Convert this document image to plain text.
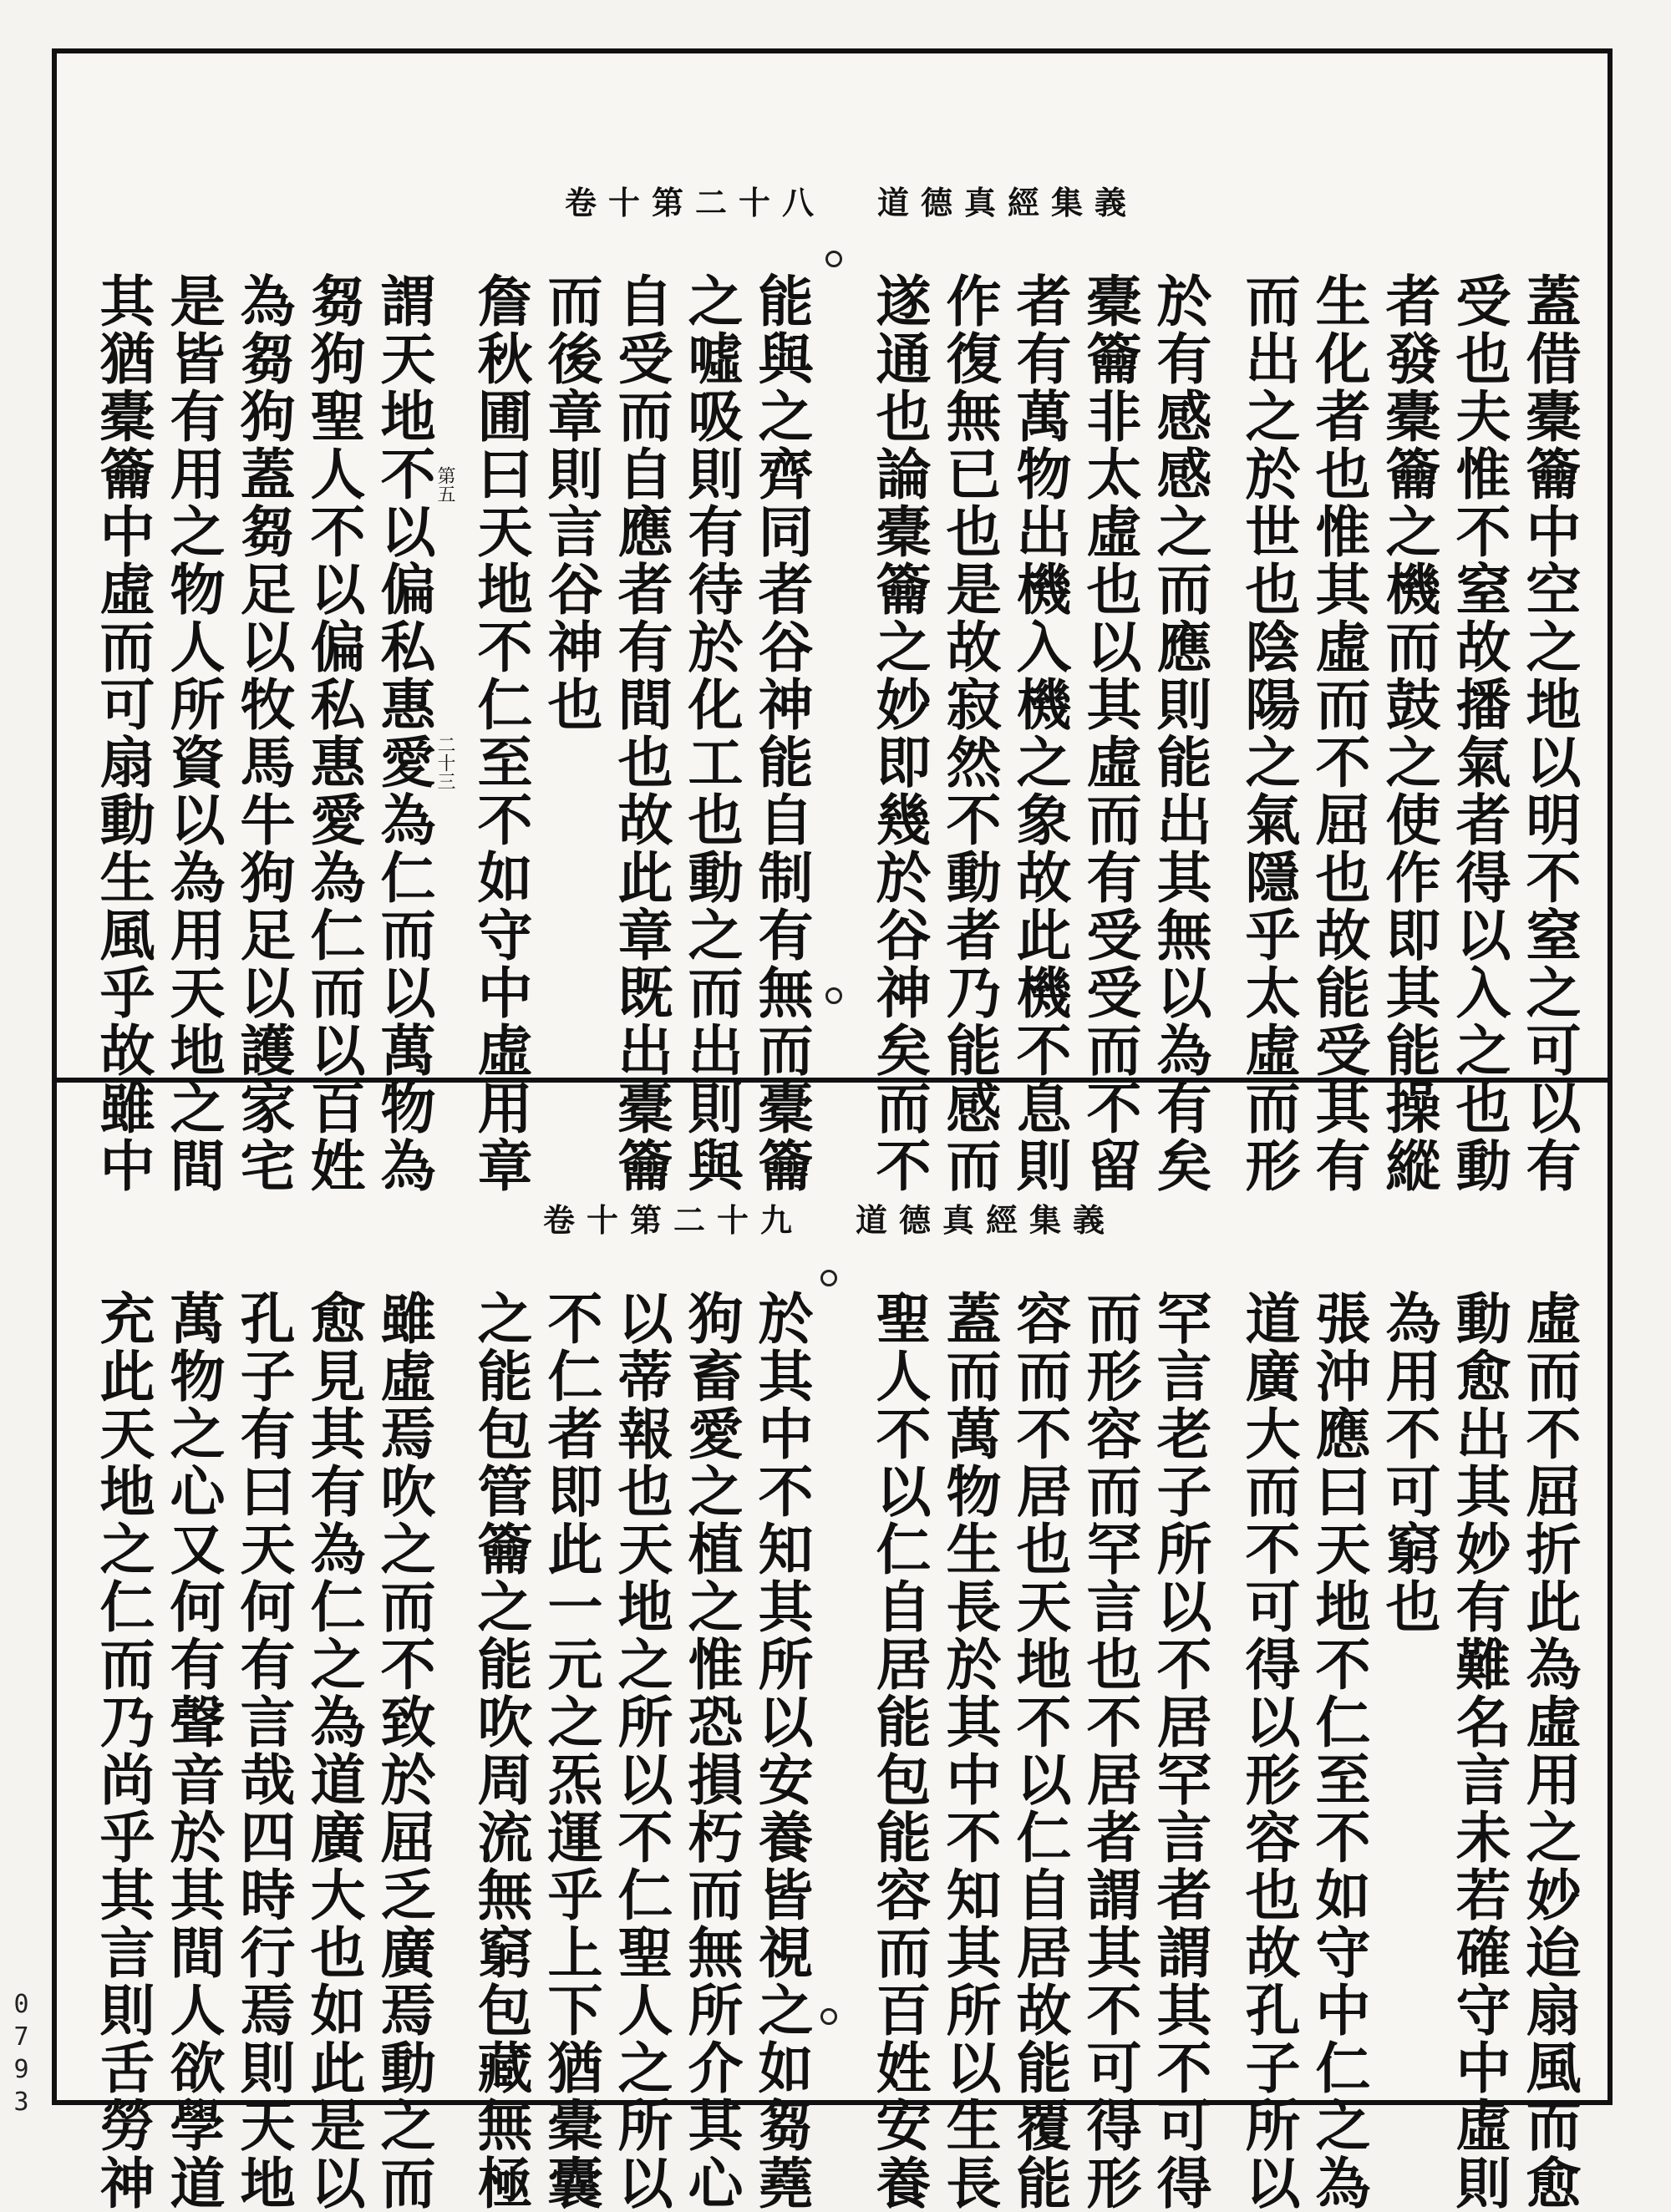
卷十第二十八 道德真經集義
卷十第二十九 道德真經集義
蓋借橐籥中空之地以明不窒之可以有
受也夫惟不窒故播氣者得以入之也動
者發橐籥之機而鼓之使作即其能操縱
生化者也惟其虛而不屈也故能受其有
而出之於世也陰陽之氣隱乎太虛而形
於有感感之而應則能出其無以為有矣
橐籥非太虛也以其虛而有受受而不留
者有萬物出機入機之象故此機不息則
作復無已也是故寂然不動者乃能感而
遂通也論橐籥之妙即幾於谷神矣而不
能與之齊同者谷神能自制有無而橐籥
之噓吸則有待於化工也動之而出則與
自受而自應者有間也故此章既出橐籥
而後章則言谷神也
詹秋圃曰天地不仁至不如守中虛用章
第五
二十三
謂天地不以偏私惠愛為仁而以萬物為
芻狗聖人不以偏私惠愛為仁而以百姓
為芻狗蓋芻足以牧馬牛狗足以護家宅
是皆有用之物人所資以為用天地之間
其猶橐籥中虛而可扇動生風乎故雖中
虛而不屈折此為虛用之妙迨扇風而愈
動愈出其妙有難名言未若確守中虛則
為用不可窮也
張沖應曰天地不仁至不如守中仁之為
道廣大而不可得以形容也故孔子所以
罕言老子所以不居罕言者謂其不可得
而形容而罕言也不居者謂其不可得形
容而不居也天地不以仁自居故能覆能
蓋而萬物生長於其中不知其所以生長
聖人不以仁自居能包能容而百姓安養
於其中不知其所以安養皆視之如芻蕘
狗畜愛之植之惟恐損朽而無所介其心
以蒂報也天地之所以不仁聖人之所以
不仁者即此一元之炁運乎上下猶橐囊
之能包管籥之能吹周流無窮包藏無極
雖虛焉吹之而不致於屈乏廣焉動之而
愈見其有為仁之為道廣大也如此是以
孔子有曰天何有言哉四時行焉則天地
萬物之心又何有聲音於其間人欲學道
充此天地之仁而乃尚乎其言則舌勞神
0793
